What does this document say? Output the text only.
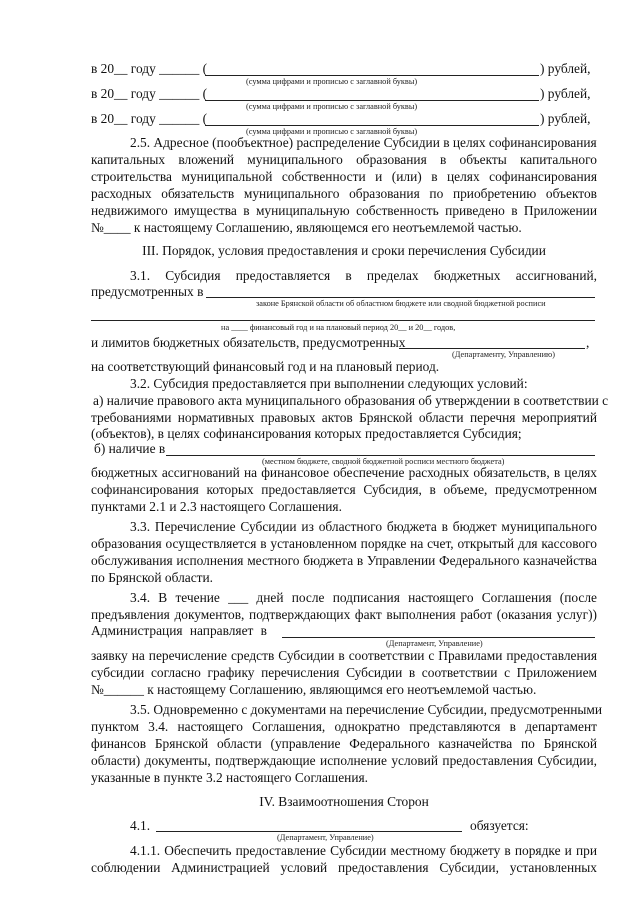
в 20__ году ______ (	) рублей,
(сумма цифрами и прописью с заглавной буквы)
в 20__ году ______ (	) рублей,
(сумма цифрами и прописью с заглавной буквы)
в 20__ году ______ (	) рублей,
(сумма цифрами и прописью с заглавной буквы)
2.5. Адресное (пообъектное) распределение Субсидии в целях софинансирования
капитальных вложений муниципального образования в объекты капитального
строительства муниципальной собственности и (или) в целях софинансирования
расходных обязательств муниципального образования по приобретению объектов
недвижимого имущества в муниципальную собственность приведено в Приложении
№____ к настоящему Соглашению, являющемся его неотъемлемой частью.
III. Порядок, условия предоставления и сроки перечисления Субсидии
3.1. Субсидия предоставляется в пределах бюджетных ассигнований,
предусмотренных в
законе Брянской области об областном бюджете или сводной бюджетной росписи
на ____ финансовый год и на плановый период 20__ и 20__ годов,
и лимитов бюджетных обязательств, предусмотренных	,
(Департаменту, Управлению)
на соответствующий финансовый год и на плановый период.
3.2. Субсидия предоставляется при выполнении следующих условий:
а) наличие правового акта муниципального образования об утверждении в соответствии с
требованиями нормативных правовых актов Брянской области перечня мероприятий
(объектов), в целях софинансирования которых предоставляется Субсидия;
б) наличие в
(местном бюджете, сводной бюджетной росписи местного бюджета)
бюджетных ассигнований на финансовое обеспечение расходных обязательств, в целях
софинансирования которых предоставляется Субсидия, в объеме, предусмотренном
пунктами 2.1 и 2.3 настоящего Соглашения.
3.3. Перечисление Субсидии из областного бюджета в бюджет муниципального
образования осуществляется в установленном порядке на счет, открытый для кассового
обслуживания исполнения местного бюджета в Управлении Федерального казначейства
по Брянской области.
3.4. В течение ___ дней после подписания настоящего Соглашения (после
предъявления документов, подтверждающих факт выполнения работ (оказания услуг))
Администрация направляет в
(Департамент, Управление)
заявку на перечисление средств Субсидии в соответствии с Правилами предоставления
субсидии согласно графику перечисления Субсидии в соответствии с Приложением
№______ к настоящему Соглашению, являющимся его неотъемлемой частью.
3.5. Одновременно с документами на перечисление Субсидии, предусмотренными
пунктом 3.4. настоящего Соглашения, однократно представляются в департамент
финансов Брянской области (управление Федерального казначейства по Брянской
области) документы, подтверждающие исполнение условий предоставления Субсидии,
указанные в пункте 3.2 настоящего Соглашения.
IV. Взаимоотношения Сторон
4.1.	обязуется:
(Департамент, Управление)
4.1.1. Обеспечить предоставление Субсидии местному бюджету в порядке и при
соблюдении Администрацией условий предоставления Субсидии, установленных
